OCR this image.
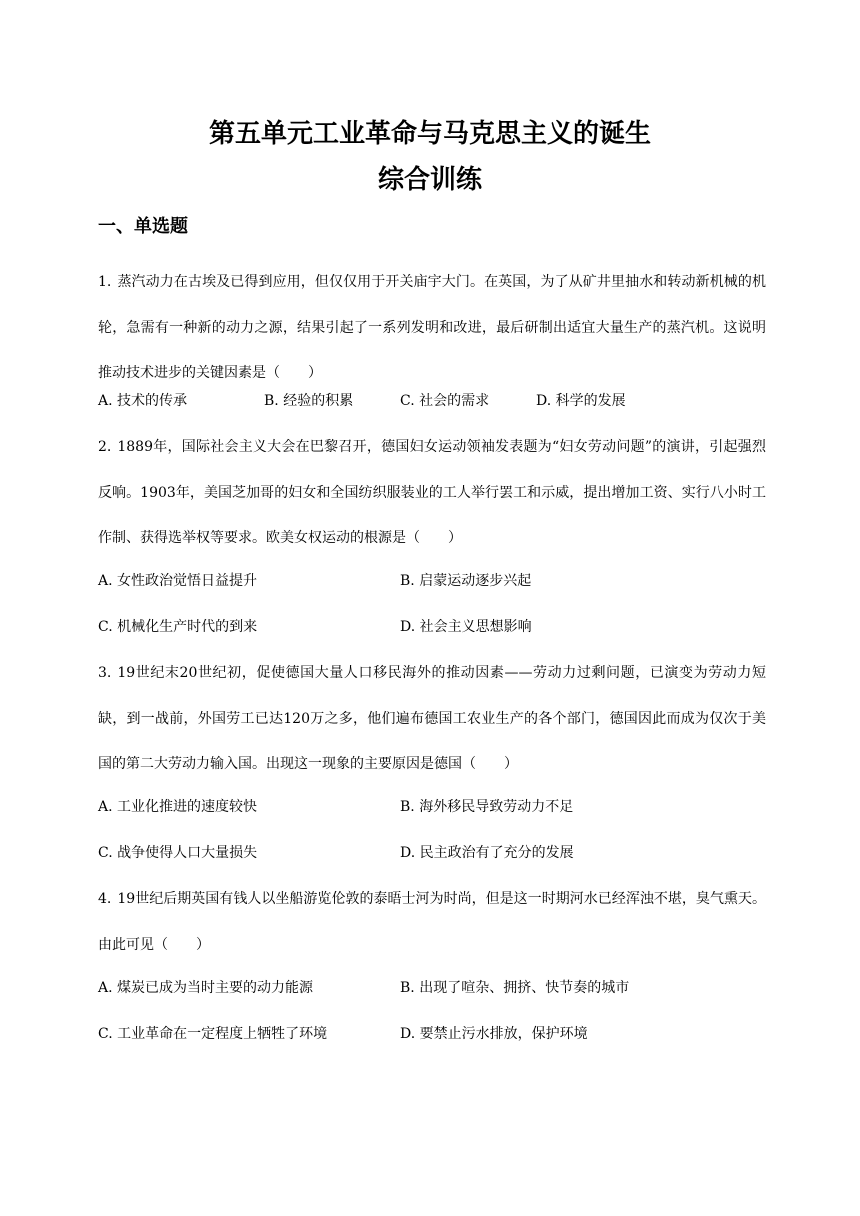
第五单元工业革命与马克思主义的诞生
综合训练
一、单选题
1. 蒸汽动力在古埃及已得到应用，但仅仅用于开关庙宇大门。在英国，为了从矿井里抽水和转动新机械的机轮，急需有一种新的动力之源，结果引起了一系列发明和改进，最后研制出适宜大量生产的蒸汽机。这说明推动技术进步的关键因素是（　　）
A. 技术的传承	B. 经验的积累	C. 社会的需求	D. 科学的发展
2. 1889年，国际社会主义大会在巴黎召开，德国妇女运动领袖发表题为“妇女劳动问题”的演讲，引起强烈反响。1903年，美国芝加哥的妇女和全国纺织服装业的工人举行罢工和示威，提出增加工资、实行八小时工作制、获得选举权等要求。欧美女权运动的根源是（　　）
A. 女性政治觉悟日益提升	B. 启蒙运动逐步兴起
C. 机械化生产时代的到来	D. 社会主义思想影响
3. 19世纪末20世纪初，促使德国大量人口移民海外的推动因素——劳动力过剩问题，已演变为劳动力短缺，到一战前，外国劳工已达120万之多，他们遍布德国工农业生产的各个部门，德国因此而成为仅次于美国的第二大劳动力输入国。出现这一现象的主要原因是德国（　　）
A. 工业化推进的速度较快	B. 海外移民导致劳动力不足
C. 战争使得人口大量损失	D. 民主政治有了充分的发展
4. 19世纪后期英国有钱人以坐船游览伦敦的泰晤士河为时尚，但是这一时期河水已经浑浊不堪，臭气熏天。由此可见（　　）
A. 煤炭已成为当时主要的动力能源	B. 出现了喧杂、拥挤、快节奏的城市
C. 工业革命在一定程度上牺牲了环境	D. 要禁止污水排放，保护环境
